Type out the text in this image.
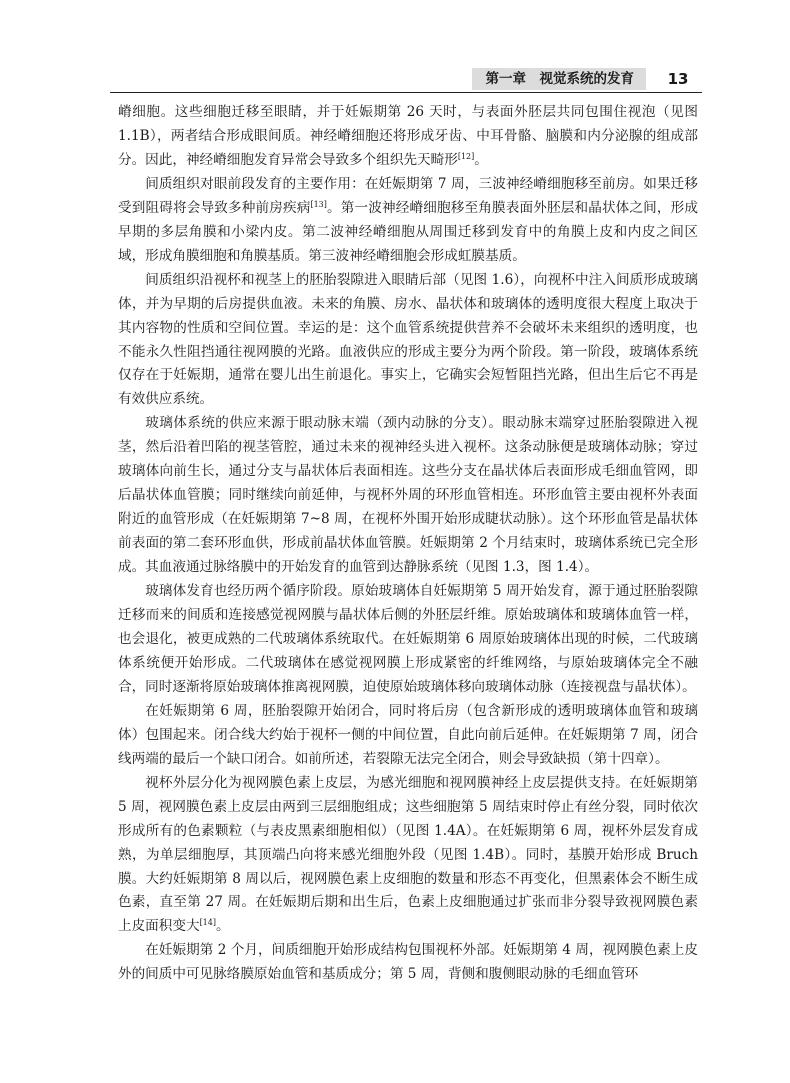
第一章　视觉系统的发育	13

嵴细胞。这些细胞迁移至眼睛，并于妊娠期第 26 天时，与表面外胚层共同包围住视泡（见图 1.1B），两者结合形成眼间质。神经嵴细胞还将形成牙齿、中耳骨骼、脑膜和内分泌腺的组成部分。因此，神经嵴细胞发育异常会导致多个组织先天畸形[12]。

间质组织对眼前段发育的主要作用：在妊娠期第 7 周，三波神经嵴细胞移至前房。如果迁移受到阻碍将会导致多种前房疾病[13]。第一波神经嵴细胞移至角膜表面外胚层和晶状体之间，形成早期的多层角膜和小梁内皮。第二波神经嵴细胞从周围迁移到发育中的角膜上皮和内皮之间区域，形成角膜细胞和角膜基质。第三波神经嵴细胞会形成虹膜基质。

间质组织沿视杯和视茎上的胚胎裂隙进入眼睛后部（见图 1.6），向视杯中注入间质形成玻璃体，并为早期的后房提供血液。未来的角膜、房水、晶状体和玻璃体的透明度很大程度上取决于其内容物的性质和空间位置。幸运的是：这个血管系统提供营养不会破坏未来组织的透明度，也不能永久性阻挡通往视网膜的光路。血液供应的形成主要分为两个阶段。第一阶段，玻璃体系统仅存在于妊娠期，通常在婴儿出生前退化。事实上，它确实会短暂阻挡光路，但出生后它不再是有效供应系统。

玻璃体系统的供应来源于眼动脉末端（颈内动脉的分支）。眼动脉末端穿过胚胎裂隙进入视茎，然后沿着凹陷的视茎管腔，通过未来的视神经头进入视杯。这条动脉便是玻璃体动脉；穿过玻璃体向前生长，通过分支与晶状体后表面相连。这些分支在晶状体后表面形成毛细血管网，即后晶状体血管膜；同时继续向前延伸，与视杯外周的环形血管相连。环形血管主要由视杯外表面附近的血管形成（在妊娠期第 7~8 周，在视杯外围开始形成睫状动脉）。这个环形血管是晶状体前表面的第二套环形血供，形成前晶状体血管膜。妊娠期第 2 个月结束时，玻璃体系统已完全形成。其血液通过脉络膜中的开始发育的血管到达静脉系统（见图 1.3，图 1.4）。

玻璃体发育也经历两个循序阶段。原始玻璃体自妊娠期第 5 周开始发育，源于通过胚胎裂隙迁移而来的间质和连接感觉视网膜与晶状体后侧的外胚层纤维。原始玻璃体和玻璃体血管一样，也会退化，被更成熟的二代玻璃体系统取代。在妊娠期第 6 周原始玻璃体出现的时候，二代玻璃体系统便开始形成。二代玻璃体在感觉视网膜上形成紧密的纤维网络，与原始玻璃体完全不融合，同时逐渐将原始玻璃体推离视网膜，迫使原始玻璃体移向玻璃体动脉（连接视盘与晶状体）。

在妊娠期第 6 周，胚胎裂隙开始闭合，同时将后房（包含新形成的透明玻璃体血管和玻璃体）包围起来。闭合线大约始于视杯一侧的中间位置，自此向前后延伸。在妊娠期第 7 周，闭合线两端的最后一个缺口闭合。如前所述，若裂隙无法完全闭合，则会导致缺损（第十四章）。

视杯外层分化为视网膜色素上皮层，为感光细胞和视网膜神经上皮层提供支持。在妊娠期第 5 周，视网膜色素上皮层由两到三层细胞组成；这些细胞第 5 周结束时停止有丝分裂，同时依次形成所有的色素颗粒（与表皮黑素细胞相似）（见图 1.4A）。在妊娠期第 6 周，视杯外层发育成熟，为单层细胞厚，其顶端凸向将来感光细胞外段（见图 1.4B）。同时，基膜开始形成 Bruch 膜。大约妊娠期第 8 周以后，视网膜色素上皮细胞的数量和形态不再变化，但黑素体会不断生成色素，直至第 27 周。在妊娠期后期和出生后，色素上皮细胞通过扩张而非分裂导致视网膜色素上皮面积变大[14]。

在妊娠期第 2 个月，间质细胞开始形成结构包围视杯外部。妊娠期第 4 周，视网膜色素上皮外的间质中可见脉络膜原始血管和基质成分；第 5 周，背侧和腹侧眼动脉的毛细血管环
